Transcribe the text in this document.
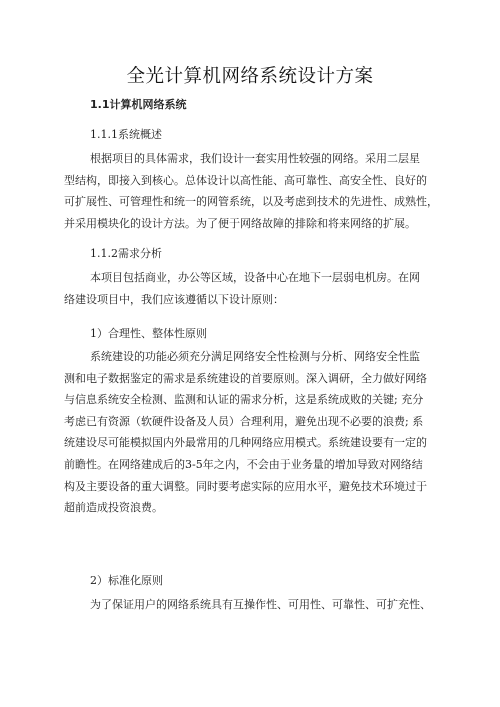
全光计算机网络系统设计方案
1.1计算机网络系统
1.1.1系统概述
根据项目的具体需求，我们设计一套实用性较强的网络。采用二层星
型结构，即接入到核心。总体设计以高性能、高可靠性、高安全性、良好的
可扩展性、可管理性和统一的网管系统，以及考虑到技术的先进性、成熟性，
并采用模块化的设计方法。为了便于网络故障的排除和将来网络的扩展。
1.1.2需求分析
本项目包括商业，办公等区域，设备中心在地下一层弱电机房。在网
络建设项目中，我们应该遵循以下设计原则：
1）合理性、整体性原则
系统建设的功能必须充分满足网络安全性检测与分析、网络安全性监
测和电子数据鉴定的需求是系统建设的首要原则。深入调研，全力做好网络
与信息系统安全检测、监测和认证的需求分析，这是系统成败的关键; 充分
考虑已有资源（软硬件设备及人员）合理利用，避免出现不必要的浪费; 系
统建设尽可能模拟国内外最常用的几种网络应用模式。系统建设要有一定的
前瞻性。在网络建成后的3-5年之内，不会由于业务量的增加导致对网络结
构及主要设备的重大调整。同时要考虑实际的应用水平，避免技术环境过于
超前造成投资浪费。
2）标准化原则
为了保证用户的网络系统具有互操作性、可用性、可靠性、可扩充性、
